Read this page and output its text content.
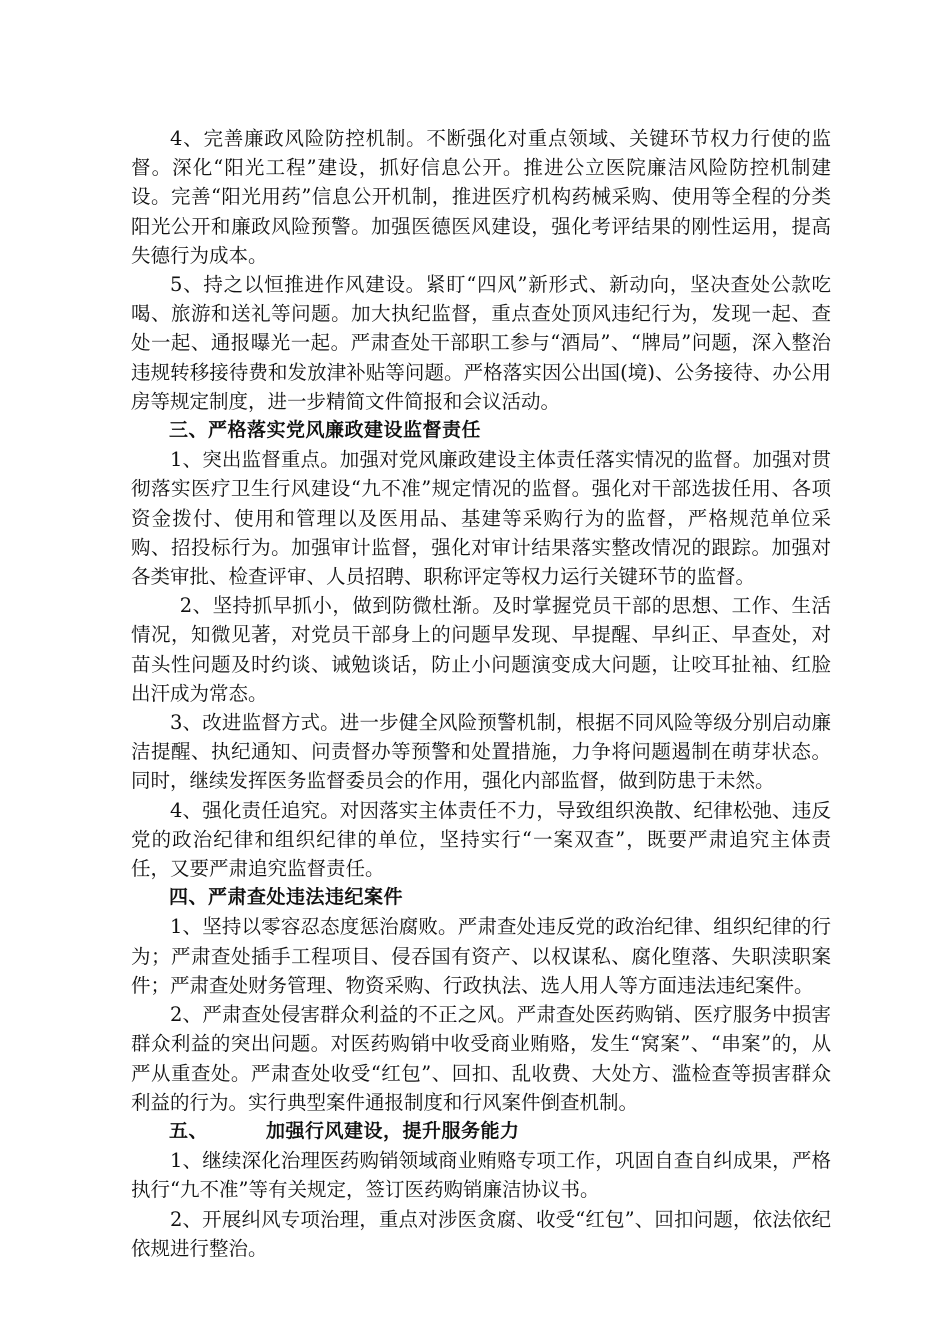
4、完善廉政风险防控机制。不断强化对重点领域、关键环节权力行使的监督。深化“阳光工程”建设，抓好信息公开。推进公立医院廉洁风险防控机制建设。完善“阳光用药”信息公开机制，推进医疗机构药械采购、使用等全程的分类阳光公开和廉政风险预警。加强医德医风建设，强化考评结果的刚性运用，提高失德行为成本。

5、持之以恒推进作风建设。紧盯“四风”新形式、新动向，坚决查处公款吃喝、旅游和送礼等问题。加大执纪监督，重点查处顶风违纪行为，发现一起、查处一起、通报曝光一起。严肃查处干部职工参与“酒局”、“牌局”问题，深入整治违规转移接待费和发放津补贴等问题。严格落实因公出国(境)、公务接待、办公用房等规定制度，进一步精简文件简报和会议活动。

三、严格落实党风廉政建设监督责任

1、突出监督重点。加强对党风廉政建设主体责任落实情况的监督。加强对贯彻落实医疗卫生行风建设“九不准”规定情况的监督。强化对干部选拔任用、各项资金拨付、使用和管理以及医用品、基建等采购行为的监督，严格规范单位采购、招投标行为。加强审计监督，强化对审计结果落实整改情况的跟踪。加强对各类审批、检查评审、人员招聘、职称评定等权力运行关键环节的监督。

2、坚持抓早抓小，做到防微杜渐。及时掌握党员干部的思想、工作、生活情况，知微见著，对党员干部身上的问题早发现、早提醒、早纠正、早查处，对苗头性问题及时约谈、诫勉谈话，防止小问题演变成大问题，让咬耳扯袖、红脸出汗成为常态。

3、改进监督方式。进一步健全风险预警机制，根据不同风险等级分别启动廉洁提醒、执纪通知、问责督办等预警和处置措施，力争将问题遏制在萌芽状态。同时，继续发挥医务监督委员会的作用，强化内部监督，做到防患于未然。

4、强化责任追究。对因落实主体责任不力，导致组织涣散、纪律松弛、违反党的政治纪律和组织纪律的单位，坚持实行“一案双查”，既要严肃追究主体责任，又要严肃追究监督责任。

四、严肃查处违法违纪案件

1、坚持以零容忍态度惩治腐败。严肃查处违反党的政治纪律、组织纪律的行为；严肃查处插手工程项目、侵吞国有资产、以权谋私、腐化堕落、失职渎职案件；严肃查处财务管理、物资采购、行政执法、选人用人等方面违法违纪案件。

2、严肃查处侵害群众利益的不正之风。严肃查处医药购销、医疗服务中损害群众利益的突出问题。对医药购销中收受商业贿赂，发生“窝案”、“串案”的，从严从重查处。严肃查处收受“红包”、回扣、乱收费、大处方、滥检查等损害群众利益的行为。实行典型案件通报制度和行风案件倒查机制。

五、	加强行风建设，提升服务能力

1、继续深化治理医药购销领域商业贿赂专项工作，巩固自查自纠成果，严格执行“九不准”等有关规定，签订医药购销廉洁协议书。

2、开展纠风专项治理，重点对涉医贪腐、收受“红包”、回扣问题，依法依纪依规进行整治。
